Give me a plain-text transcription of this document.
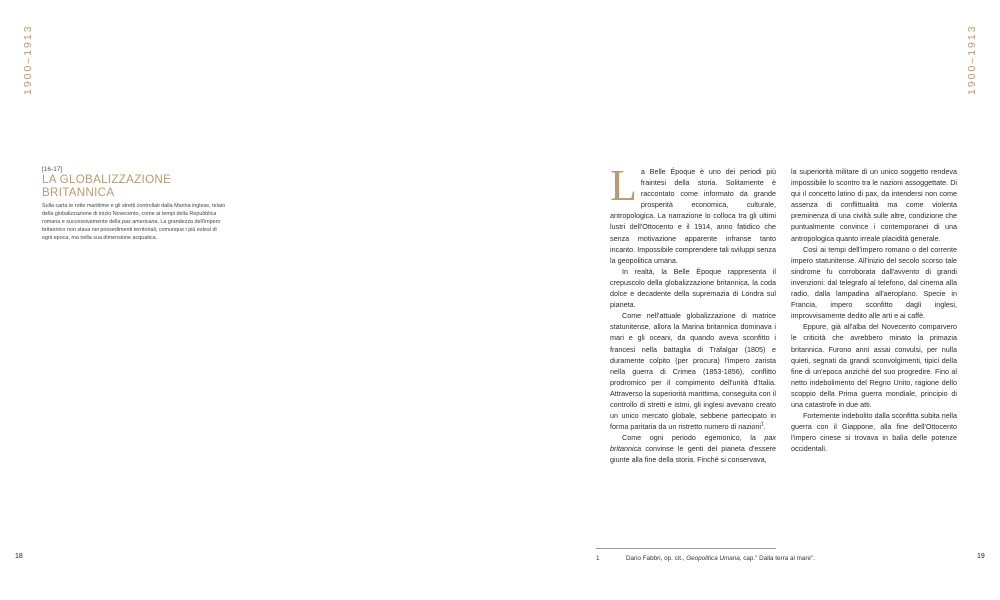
1900–1913	1900–1913
18	19
[16-17]
LA GLOBALIZZAZIONE
BRITANNICA
Sulla carta le rotte marittime e gli stretti controllati dalla Marina inglese, telaio della globalizzazione di inizio Novecento, come ai tempi della Repubblica romana e successivamente della pax americana. La grandezza dell'impero britannico non stava nei possedimenti territoriali, comunque i più estesi di ogni epoca, ma nella sua dimensione acquatica.

La Belle Époque è uno dei periodi più fraintesi della storia. Solitamente è raccontato come informato da grande prosperità economica, culturale, antropologica. La narrazione lo colloca tra gli ultimi lustri dell'Ottocento e il 1914, anno fatidico che senza motivazione apparente infranse tanto incanto. Impossibile comprendere tali sviluppi senza la geopolitica umana.

In realtà, la Belle Époque rappresenta il crepuscolo della globalizzazione britannica, la coda dolce e decadente della supremazia di Londra sul pianeta.

Come nell'attuale globalizzazione di matrice statunitense, allora la Marina britannica dominava i mari e gli oceani, da quando aveva sconfitto i francesi nella battaglia di Trafalgar (1805) e duramente colpito (per procura) l'impero zarista nella guerra di Crimea (1853-1856), conflitto prodromico per il compimento dell'unità d'Italia. Attraverso la superiorità marittima, conseguita con il controllo di stretti e istmi, gli inglesi avevano creato un unico mercato globale, sebbene partecipato in forma paritaria da un ristretto numero di nazioni$^1$.

Come ogni periodo egemonico, la pax britannica convinse le genti del pianeta d'essere giunte alla fine della storia. Finché si conservava,

la superiorità militare di un unico soggetto rendeva impossibile lo scontro tra le nazioni assoggettate. Di qui il concetto latino di pax, da intendersi non come assenza di conflittualità ma come violenta preminenza di una civiltà sulle altre, condizione che puntualmente convince i contemporanei di una antropologica quanto irreale placidità generale.

Così ai tempi dell'impero romano o del corrente impero statunitense. All'inizio del secolo scorso tale sindrome fu corroborata dall'avvento di grandi invenzioni: dal telegrafo al telefono, dal cinema alla radio, dalla lampadina all'aeroplano. Specie in Francia, impero sconfitto dagli inglesi, improvvisamente dedito alle arti e ai caffè.

Eppure, già all'alba del Novecento comparvero le criticità che avrebbero minato la primazia britannica. Furono anni assai convulsi, per nulla quieti, segnati da grandi sconvolgimenti, tipici della fine di un'epoca anziché del suo progredire. Fino al netto indebolimento del Regno Unito, ragione dello scoppio della Prima guerra mondiale, principio di una catastrofe in due atti.

Fortemente indebolito dalla sconfitta subita nella guerra con il Giappone, alla fine dell'Ottocento l'impero cinese si trovava in balìa delle potenze occidentali.

1	Dario Fabbri, op. cit., Geopolitica Umana, cap." Dalla terra al mare".
